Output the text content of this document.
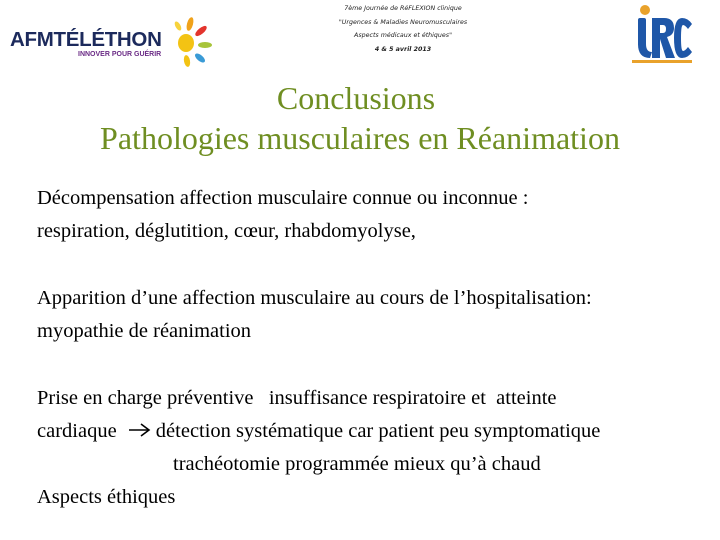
AFMTÉLÉTHON
INNOVER POUR GUÉRIR
7ème Journée de RéFLEXION clinique
"Urgences & Maladies Neuromusculaires
Aspects médicaux et éthiques"
4 & 5 avril 2013
Conclusions
Pathologies musculaires en Réanimation

Décompensation affection musculaire connue ou inconnue :

respiration, déglutition, cœur, rhabdomyolyse,

Apparition d’une affection musculaire au cours de l’hospitalisation:

myopathie de réanimation

Prise en charge préventive   insuffisance respiratoire et  atteinte

cardiaque détection systématique car patient peu symptomatique

trachéotomie programmée mieux qu’à chaud

Aspects éthiques
